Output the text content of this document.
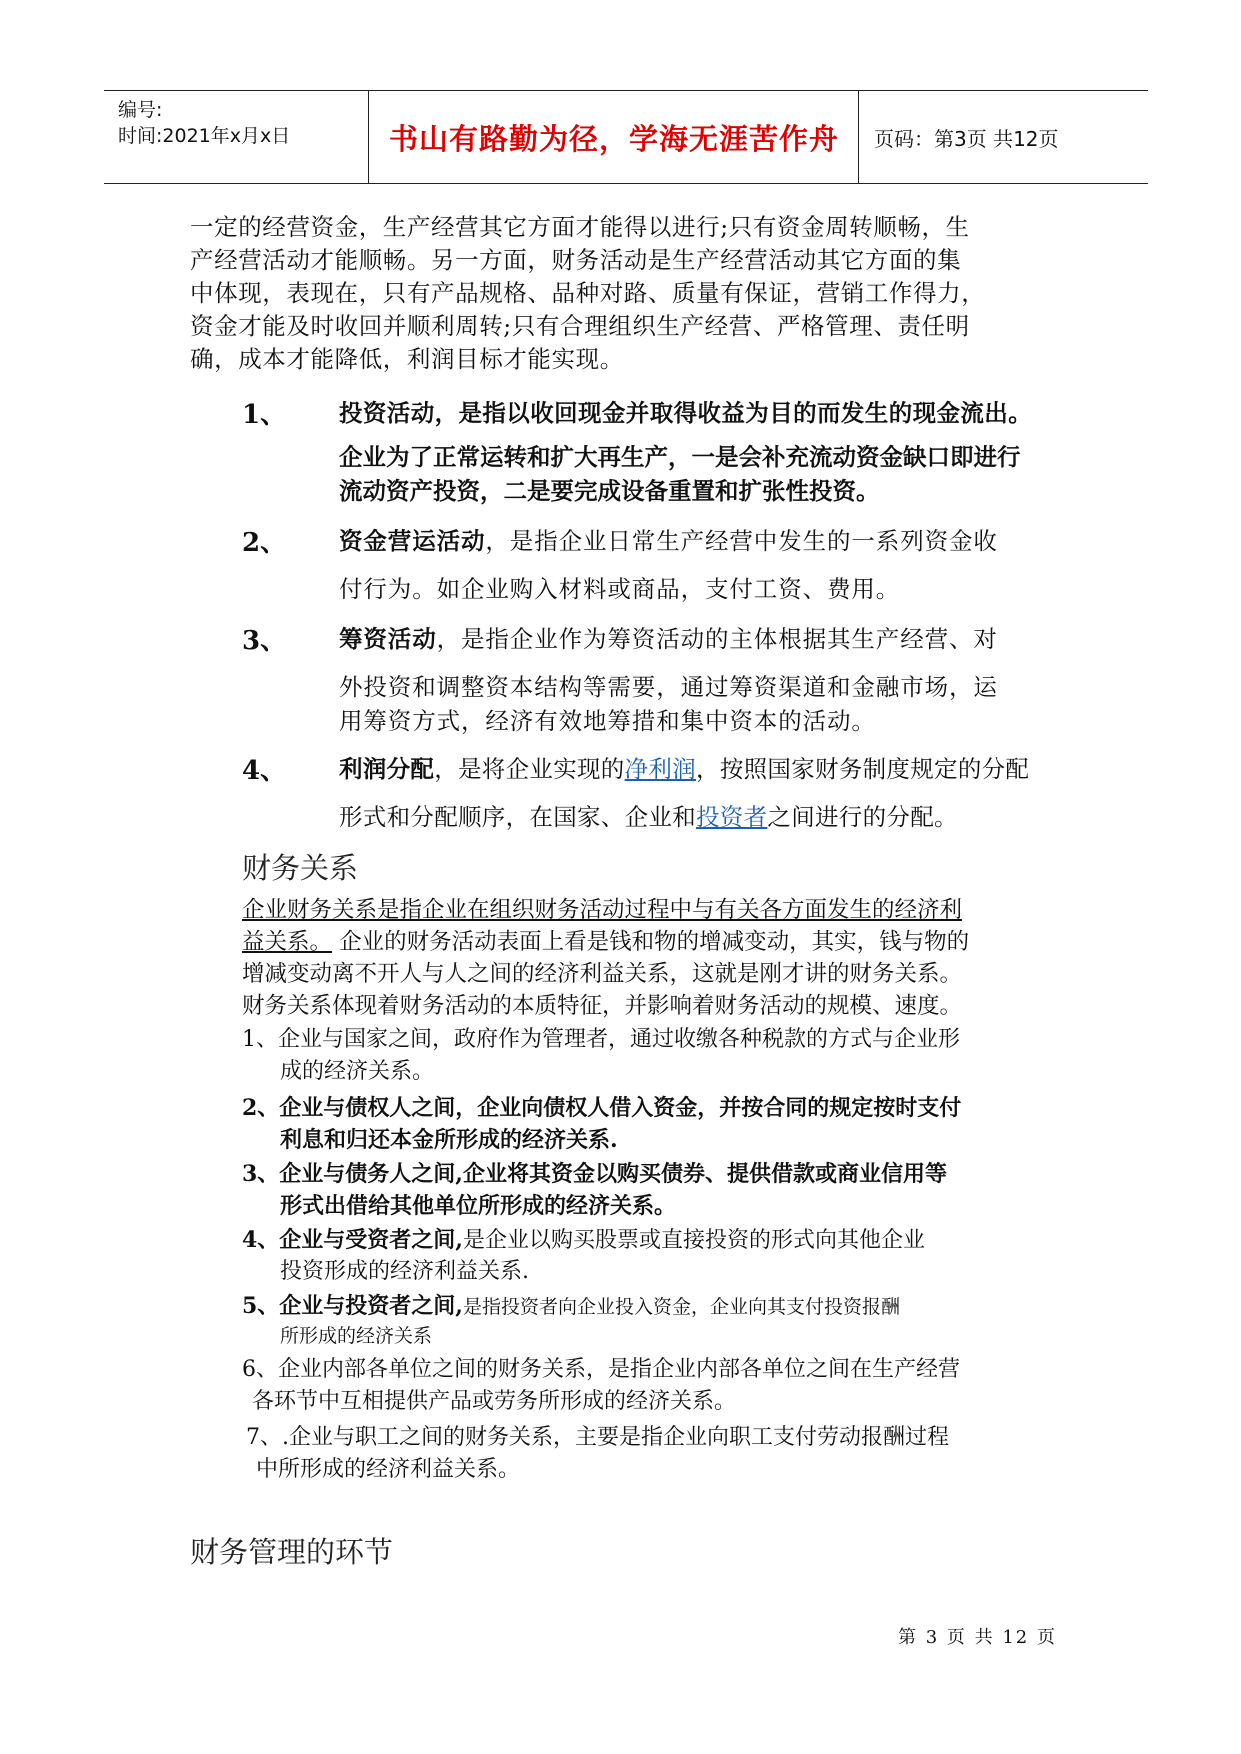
编号:
时间:2021年x月x日	书山有路勤为径，学海无涯苦作舟	页码：第3页 共12页

一定的经营资金，生产经营其它方面才能得以进行;只有资金周转顺畅，生

产经营活动才能顺畅。另一方面，财务活动是生产经营活动其它方面的集

中体现，表现在，只有产品规格、品种对路、质量有保证，营销工作得力，

资金才能及时收回并顺利周转;只有合理组织生产经营、严格管理、责任明

确，成本才能降低，利润目标才能实现。

1、 投资活动，是指以收回现金并取得收益为目的而发生的现金流出。
企业为了正常运转和扩大再生产，一是会补充流动资金缺口即进行
流动资产投资，二是要完成设备重置和扩张性投资。
2、 资金营运活动，是指企业日常生产经营中发生的一系列资金收
付行为。如企业购入材料或商品，支付工资、费用。
3、 筹资活动，是指企业作为筹资活动的主体根据其生产经营、对
外投资和调整资本结构等需要，通过筹资渠道和金融市场，运
用筹资方式，经济有效地筹措和集中资本的活动。
4、 利润分配，是将企业实现的净利润，按照国家财务制度规定的分配
形式和分配顺序，在国家、企业和投资者之间进行的分配。
财务关系
企业财务关系是指企业在组织财务活动过程中与有关各方面发生的经济利
益关系。 企业的财务活动表面上看是钱和物的增减变动，其实，钱与物的
增减变动离不开人与人之间的经济利益关系，这就是刚才讲的财务关系。
财务关系体现着财务活动的本质特征，并影响着财务活动的规模、速度。
1、企业与国家之间，政府作为管理者，通过收缴各种税款的方式与企业形
成的经济关系。
2、企业与债权人之间，企业向债权人借入资金，并按合同的规定按时支付
利息和归还本金所形成的经济关系.
3、企业与债务人之间,企业将其资金以购买债券、提供借款或商业信用等
形式出借给其他单位所形成的经济关系。
4、企业与受资者之间,是企业以购买股票或直接投资的形式向其他企业
投资形成的经济利益关系.
5、企业与投资者之间,是指投资者向企业投入资金，企业向其支付投资报酬
所形成的经济关系
6、企业内部各单位之间的财务关系，是指企业内部各单位之间在生产经营
各环节中互相提供产品或劳务所形成的经济关系。
7、.企业与职工之间的财务关系，主要是指企业向职工支付劳动报酬过程
中所形成的经济利益关系。
财务管理的环节
第 3 页 共 12 页
